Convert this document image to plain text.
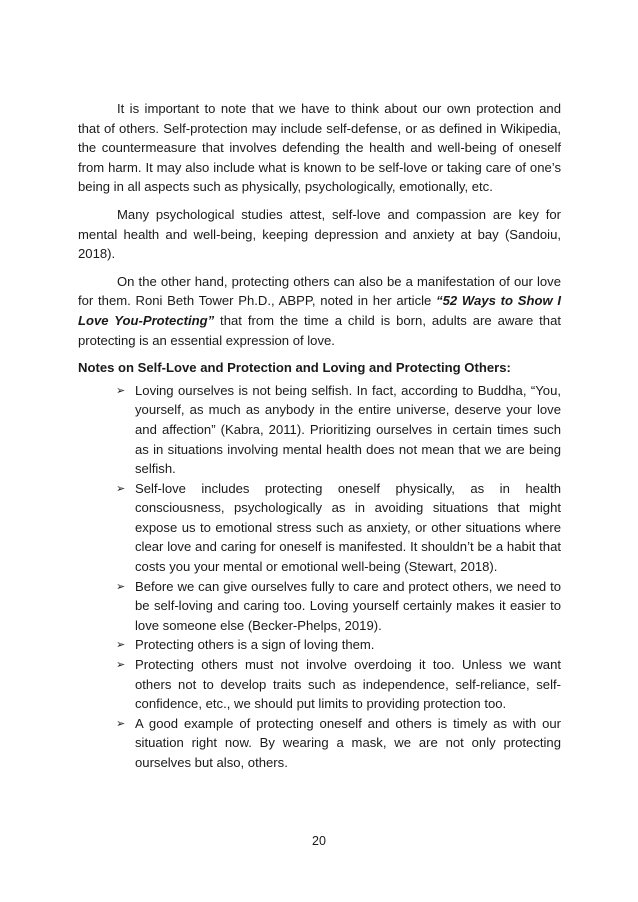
It is important to note that we have to think about our own protection and that of others. Self-protection may include self-defense, or as defined in Wikipedia, the countermeasure that involves defending the health and well-being of oneself from harm. It may also include what is known to be self-love or taking care of one’s being in all aspects such as physically, psychologically, emotionally, etc.

Many psychological studies attest, self-love and compassion are key for mental health and well-being, keeping depression and anxiety at bay (Sandoiu, 2018).

On the other hand, protecting others can also be a manifestation of our love for them. Roni Beth Tower Ph.D., ABPP, noted in her article “52 Ways to Show I Love You-Protecting” that from the time a child is born, adults are aware that protecting is an essential expression of love.

Notes on Self-Love and Protection and Loving and Protecting Others:

➢ Loving ourselves is not being selfish. In fact, according to Buddha, “You, yourself, as much as anybody in the entire universe, deserve your love and affection” (Kabra, 2011). Prioritizing ourselves in certain times such as in situations involving mental health does not mean that we are being selfish.
➢ Self-love includes protecting oneself physically, as in health consciousness, psychologically as in avoiding situations that might expose us to emotional stress such as anxiety, or other situations where clear love and caring for oneself is manifested. It shouldn’t be a habit that costs you your mental or emotional well-being (Stewart, 2018).
➢ Before we can give ourselves fully to care and protect others, we need to be self-loving and caring too. Loving yourself certainly makes it easier to love someone else (Becker-Phelps, 2019).
➢ Protecting others is a sign of loving them.
➢ Protecting others must not involve overdoing it too. Unless we want others not to develop traits such as independence, self-reliance, self-confidence, etc., we should put limits to providing protection too.
➢ A good example of protecting oneself and others is timely as with our situation right now. By wearing a mask, we are not only protecting ourselves but also, others.
20
